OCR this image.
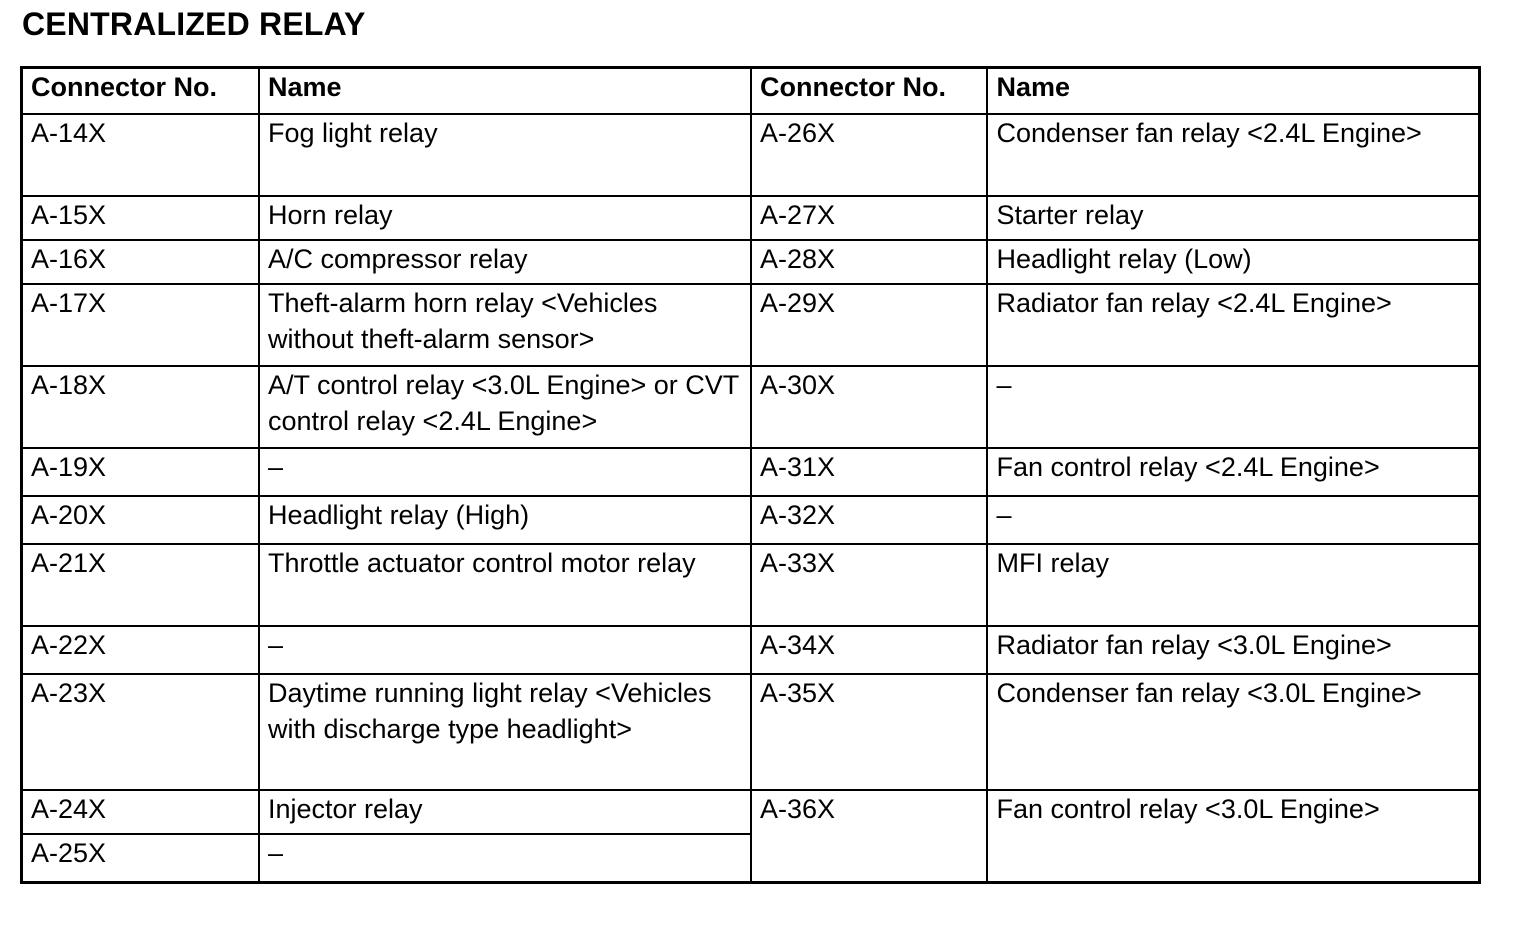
CENTRALIZED RELAY
Connector No.	Name	Connector No.	Name
A-14X	Fog light relay	A-26X	Condenser fan relay <2.4L Engine>
A-15X	Horn relay	A-27X	Starter relay
A-16X	A/C compressor relay	A-28X	Headlight relay (Low)
A-17X	Theft-alarm horn relay <Vehicles without theft-alarm sensor>	A-29X	Radiator fan relay <2.4L Engine>
A-18X	A/T control relay <3.0L Engine> or CVT control relay <2.4L Engine>	A-30X	–
A-19X	–	A-31X	Fan control relay <2.4L Engine>
A-20X	Headlight relay (High)	A-32X	–
A-21X	Throttle actuator control motor relay	A-33X	MFI relay
A-22X	–	A-34X	Radiator fan relay <3.0L Engine>
A-23X	Daytime running light relay <Vehicles with discharge type headlight>	A-35X	Condenser fan relay <3.0L Engine>
A-24X	Injector relay	A-36X	Fan control relay <3.0L Engine>
A-25X	–		
